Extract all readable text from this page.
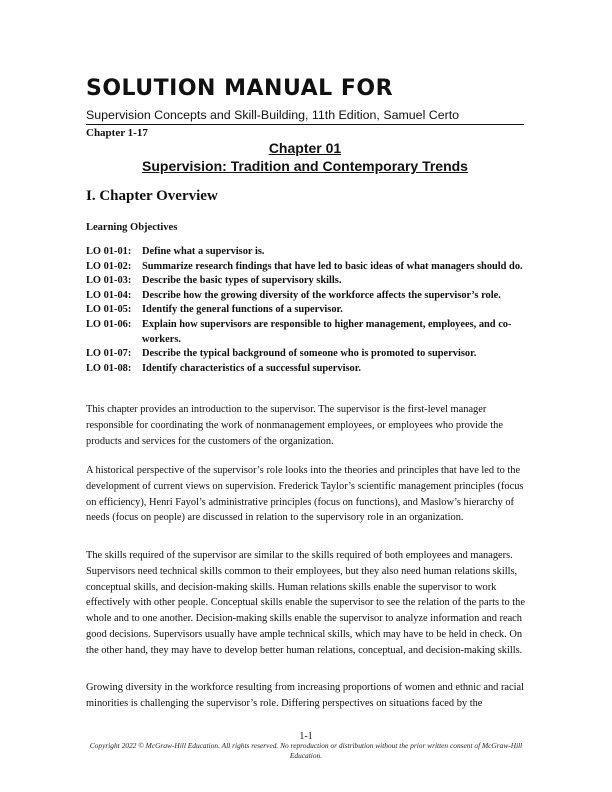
SOLUTION MANUAL FOR
Supervision Concepts and Skill-Building, 11th Edition, Samuel Certo
Chapter 1-17
Chapter 01
Supervision: Tradition and Contemporary Trends
I. Chapter Overview
Learning Objectives
LO 01-01:	Define what a supervisor is.
LO 01-02:	Summarize research findings that have led to basic ideas of what managers should do.
LO 01-03:	Describe the basic types of supervisory skills.
LO 01-04:	Describe how the growing diversity of the workforce affects the supervisor’s role.
LO 01-05:	Identify the general functions of a supervisor.
LO 01-06:	Explain how supervisors are responsible to higher management, employees, and co-workers.
LO 01-07:	Describe the typical background of someone who is promoted to supervisor.
LO 01-08:	Identify characteristics of a successful supervisor.

This chapter provides an introduction to the supervisor. The supervisor is the first-level manager responsible for coordinating the work of nonmanagement employees, or employees who provide the products and services for the customers of the organization.

A historical perspective of the supervisor’s role looks into the theories and principles that have led to the development of current views on supervision. Frederick Taylor’s scientific management principles (focus on efficiency), Henri Fayol’s administrative principles (focus on functions), and Maslow’s hierarchy of needs (focus on people) are discussed in relation to the supervisory role in an organization.

The skills required of the supervisor are similar to the skills required of both employees and managers. Supervisors need technical skills common to their employees, but they also need human relations skills, conceptual skills, and decision-making skills. Human relations skills enable the supervisor to work effectively with other people. Conceptual skills enable the supervisor to see the relation of the parts to the whole and to one another. Decision-making skills enable the supervisor to analyze information and reach good decisions. Supervisors usually have ample technical skills, which may have to be held in check. On the other hand, they may have to develop better human relations, conceptual, and decision-making skills.

Growing diversity in the workforce resulting from increasing proportions of women and ethnic and racial minorities is challenging the supervisor’s role. Differing perspectives on situations faced by the

1-1
Copyright 2022 © McGraw-Hill Education. All rights reserved. No reproduction or distribution without the prior written consent of McGraw-Hill Education.
